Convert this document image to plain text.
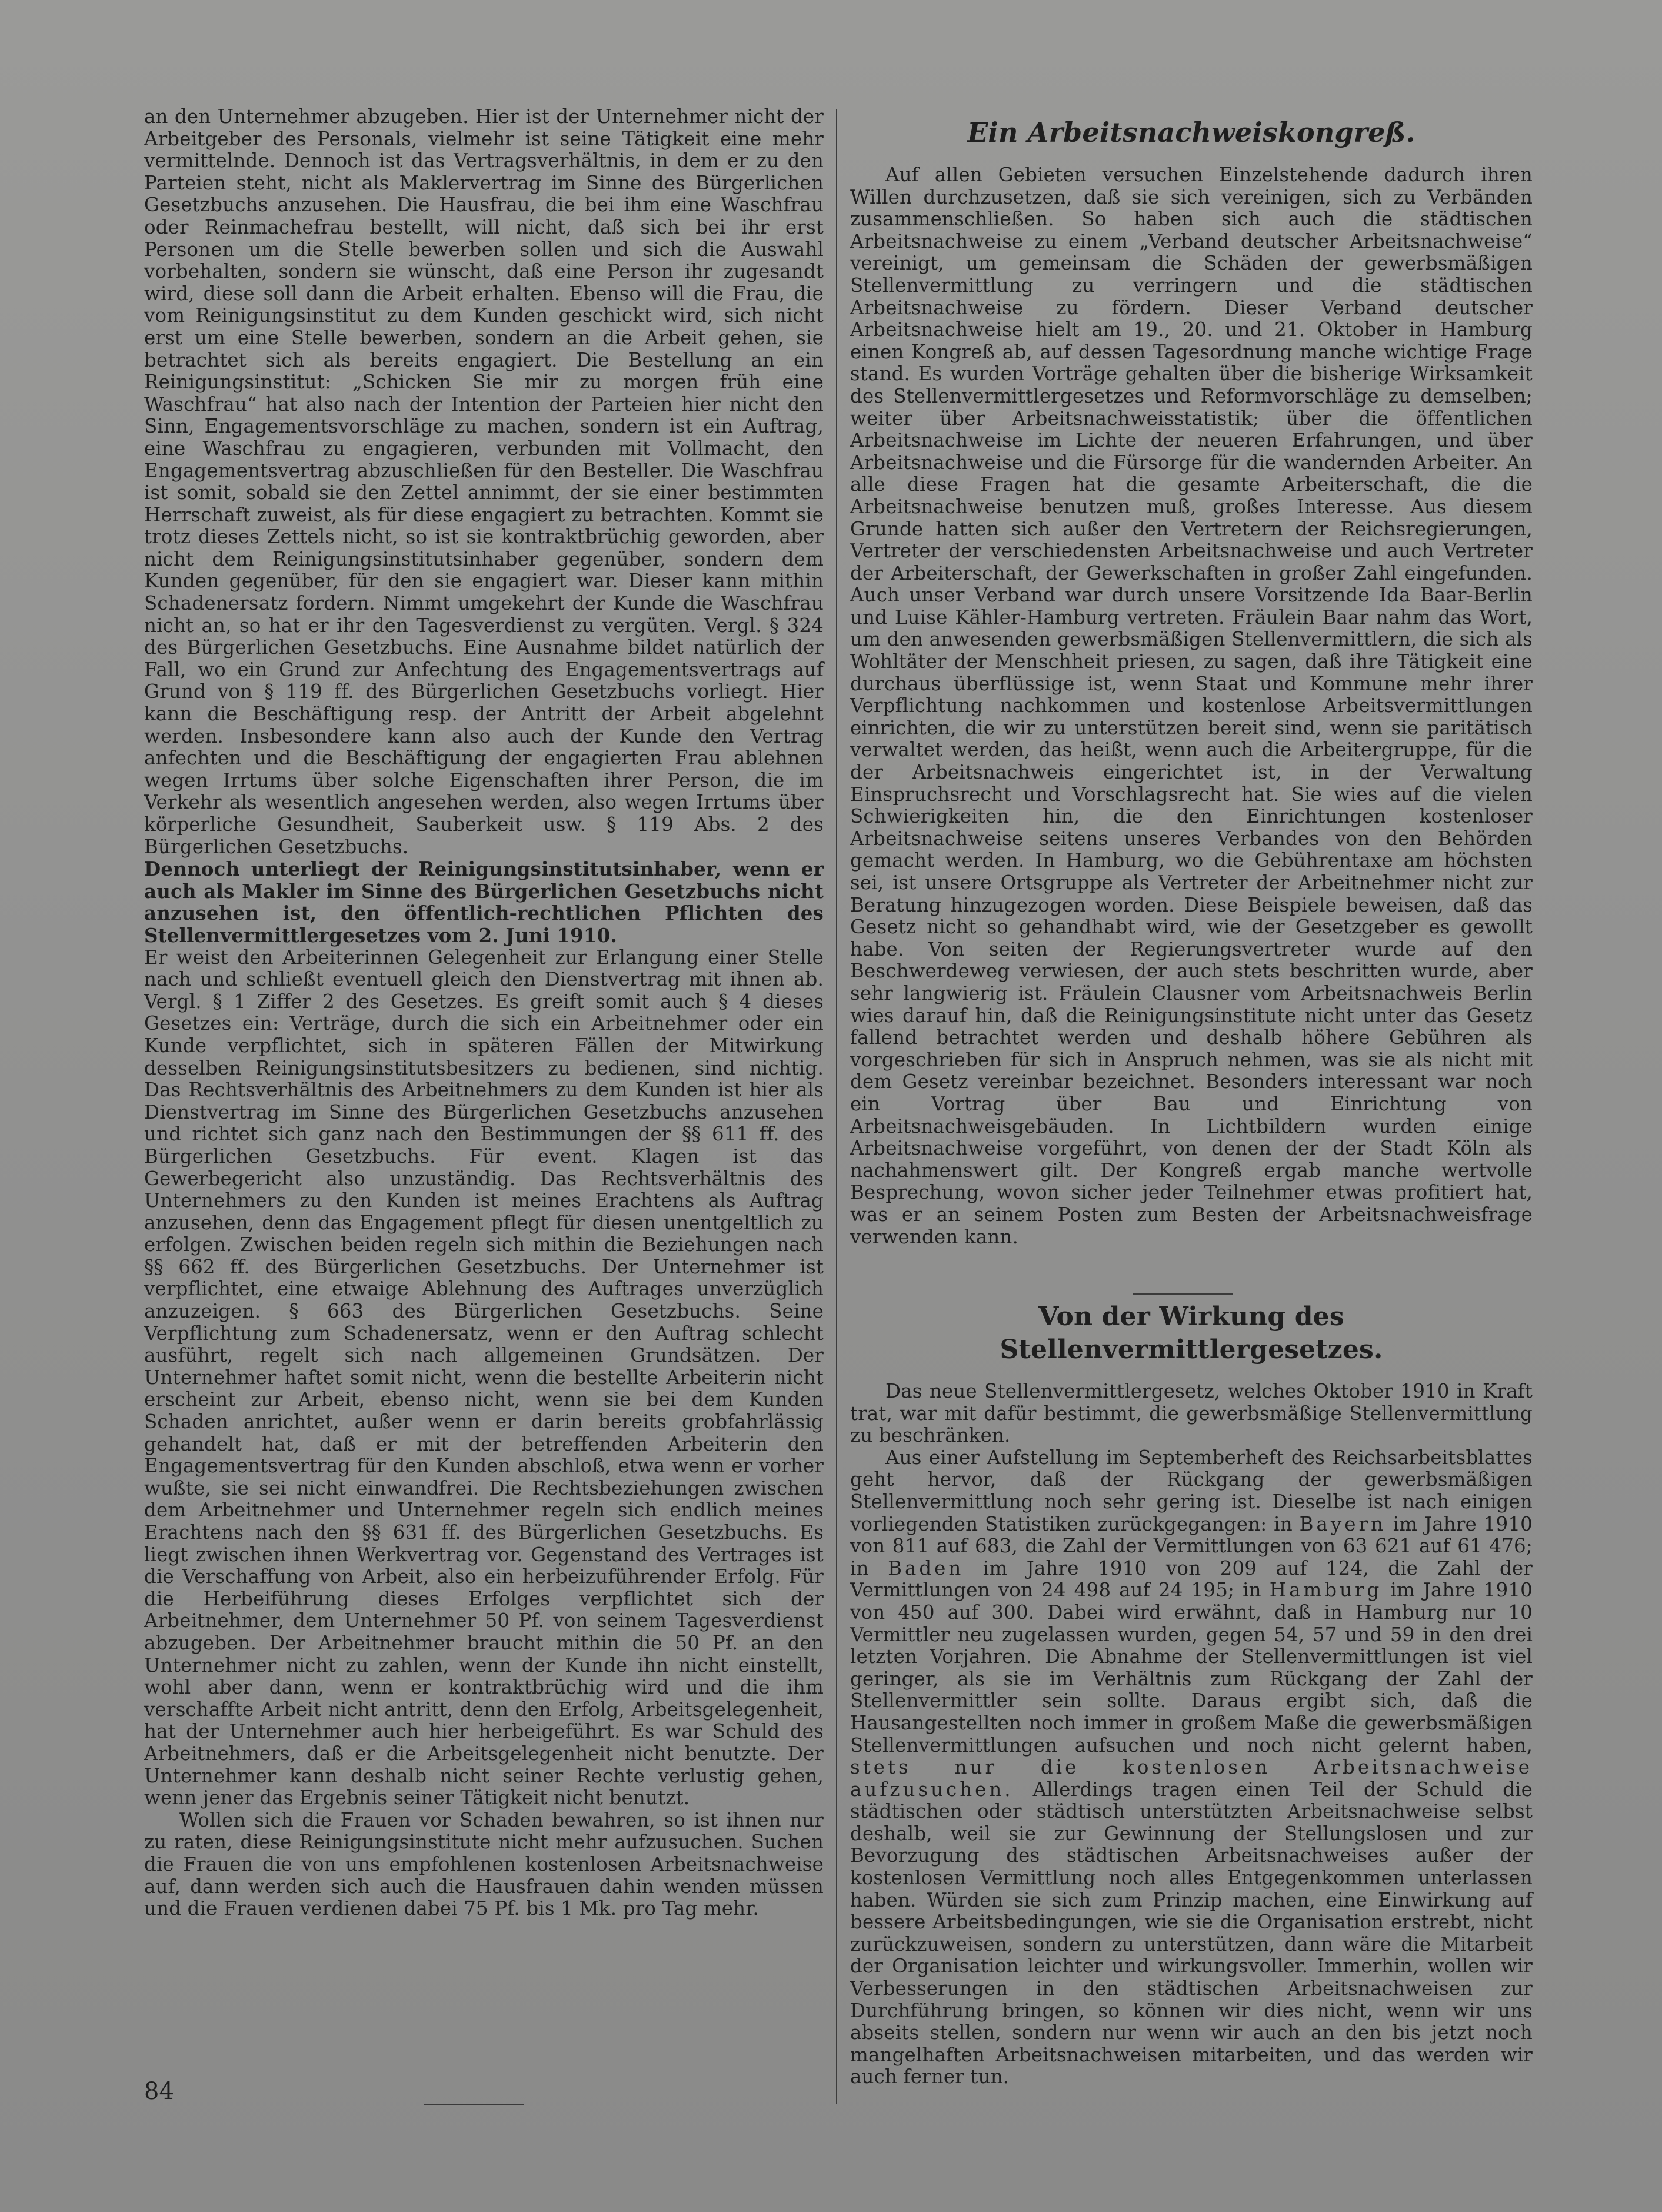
an den Unternehmer abzugeben. Hier ist der Unternehmer nicht der Arbeitgeber des Personals, vielmehr ist seine Tätigkeit eine mehr vermittelnde. Dennoch ist das Vertragsverhältnis, in dem er zu den Parteien steht, nicht als Maklervertrag im Sinne des Bürgerlichen Gesetzbuchs anzusehen. Die Hausfrau, die bei ihm eine Waschfrau oder Reinmachefrau bestellt, will nicht, daß sich bei ihr erst Personen um die Stelle bewerben sollen und sich die Auswahl vorbehalten, sondern sie wünscht, daß eine Person ihr zugesandt wird, diese soll dann die Arbeit erhalten. Ebenso will die Frau, die vom Reinigungsinstitut zu dem Kunden geschickt wird, sich nicht erst um eine Stelle bewerben, sondern an die Arbeit gehen, sie betrachtet sich als bereits engagiert. Die Bestellung an ein Reinigungsinstitut: „Schicken Sie mir zu morgen früh eine Waschfrau“ hat also nach der Intention der Parteien hier nicht den Sinn, Engagementsvorschläge zu machen, sondern ist ein Auftrag, eine Waschfrau zu engagieren, verbunden mit Vollmacht, den Engagementsvertrag abzuschließen für den Besteller. Die Waschfrau ist somit, sobald sie den Zettel annimmt, der sie einer bestimmten Herrschaft zuweist, als für diese engagiert zu betrachten. Kommt sie trotz dieses Zettels nicht, so ist sie kontraktbrüchig geworden, aber nicht dem Reinigungsinstitutsinhaber gegenüber, sondern dem Kunden gegenüber, für den sie engagiert war. Dieser kann mithin Schadenersatz fordern. Nimmt umgekehrt der Kunde die Waschfrau nicht an, so hat er ihr den Tagesverdienst zu vergüten. Vergl. § 324 des Bürgerlichen Gesetzbuchs. Eine Ausnahme bildet natürlich der Fall, wo ein Grund zur Anfechtung des Engagementsvertrags auf Grund von § 119 ff. des Bürgerlichen Gesetzbuchs vorliegt. Hier kann die Beschäftigung resp. der Antritt der Arbeit abgelehnt werden. Insbesondere kann also auch der Kunde den Vertrag anfechten und die Beschäftigung der engagierten Frau ablehnen wegen Irrtums über solche Eigenschaften ihrer Person, die im Verkehr als wesentlich angesehen werden, also wegen Irrtums über körperliche Gesundheit, Sauberkeit usw. § 119 Abs. 2 des Bürgerlichen Gesetzbuchs.

Dennoch unterliegt der Reinigungsinstitutsinhaber, wenn er auch als Makler im Sinne des Bürgerlichen Gesetzbuchs nicht anzusehen ist, den öffentlich-rechtlichen Pflichten des Stellenvermittlergesetzes vom 2. Juni 1910.

Er weist den Arbeiterinnen Gelegenheit zur Erlangung einer Stelle nach und schließt eventuell gleich den Dienstvertrag mit ihnen ab. Vergl. § 1 Ziffer 2 des Gesetzes. Es greift somit auch § 4 dieses Gesetzes ein: Verträge, durch die sich ein Arbeitnehmer oder ein Kunde verpflichtet, sich in späteren Fällen der Mitwirkung desselben Reinigungsinstitutsbesitzers zu bedienen, sind nichtig. Das Rechtsverhältnis des Arbeitnehmers zu dem Kunden ist hier als Dienstvertrag im Sinne des Bürgerlichen Gesetzbuchs anzusehen und richtet sich ganz nach den Bestimmungen der §§ 611 ff. des Bürgerlichen Gesetzbuchs. Für event. Klagen ist das Gewerbegericht also unzuständig. Das Rechtsverhältnis des Unternehmers zu den Kunden ist meines Erachtens als Auftrag anzusehen, denn das Engagement pflegt für diesen unentgeltlich zu erfolgen. Zwischen beiden regeln sich mithin die Beziehungen nach §§ 662 ff. des Bürgerlichen Gesetzbuchs. Der Unternehmer ist verpflichtet, eine etwaige Ablehnung des Auftrages unverzüglich anzuzeigen. § 663 des Bürgerlichen Gesetzbuchs. Seine Verpflichtung zum Schadenersatz, wenn er den Auftrag schlecht ausführt, regelt sich nach allgemeinen Grundsätzen. Der Unternehmer haftet somit nicht, wenn die bestellte Arbeiterin nicht erscheint zur Arbeit, ebenso nicht, wenn sie bei dem Kunden Schaden anrichtet, außer wenn er darin bereits grobfahrlässig gehandelt hat, daß er mit der betreffenden Arbeiterin den Engagementsvertrag für den Kunden abschloß, etwa wenn er vorher wußte, sie sei nicht einwandfrei. Die Rechtsbeziehungen zwischen dem Arbeitnehmer und Unternehmer regeln sich endlich meines Erachtens nach den §§ 631 ff. des Bürgerlichen Gesetzbuchs. Es liegt zwischen ihnen Werkvertrag vor. Gegenstand des Vertrages ist die Verschaffung von Arbeit, also ein herbeizuführender Erfolg. Für die Herbeiführung dieses Erfolges verpflichtet sich der Arbeitnehmer, dem Unternehmer 50 Pf. von seinem Tagesverdienst abzugeben. Der Arbeitnehmer braucht mithin die 50 Pf. an den Unternehmer nicht zu zahlen, wenn der Kunde ihn nicht einstellt, wohl aber dann, wenn er kontraktbrüchig wird und die ihm verschaffte Arbeit nicht antritt, denn den Erfolg, Arbeitsgelegenheit, hat der Unternehmer auch hier herbeigeführt. Es war Schuld des Arbeitnehmers, daß er die Arbeitsgelegenheit nicht benutzte. Der Unternehmer kann deshalb nicht seiner Rechte verlustig gehen, wenn jener das Ergebnis seiner Tätigkeit nicht benutzt.

Wollen sich die Frauen vor Schaden bewahren, so ist ihnen nur zu raten, diese Reinigungsinstitute nicht mehr aufzusuchen. Suchen die Frauen die von uns empfohlenen kostenlosen Arbeitsnachweise auf, dann werden sich auch die Hausfrauen dahin wenden müssen und die Frauen verdienen dabei 75 Pf. bis 1 Mk. pro Tag mehr.

Ein Arbeitsnachweiskongreß.

Auf allen Gebieten versuchen Einzelstehende dadurch ihren Willen durchzusetzen, daß sie sich vereinigen, sich zu Verbänden zusammenschließen. So haben sich auch die städtischen Arbeitsnachweise zu einem „Verband deutscher Arbeitsnachweise“ vereinigt, um gemeinsam die Schäden der gewerbsmäßigen Stellenvermittlung zu verringern und die städtischen Arbeitsnachweise zu fördern. Dieser Verband deutscher Arbeitsnachweise hielt am 19., 20. und 21. Oktober in Hamburg einen Kongreß ab, auf dessen Tagesordnung manche wichtige Frage stand. Es wurden Vorträge gehalten über die bisherige Wirksamkeit des Stellenvermittlergesetzes und Reformvorschläge zu demselben; weiter über Arbeitsnachweisstatistik; über die öffentlichen Arbeitsnachweise im Lichte der neueren Erfahrungen, und über Arbeitsnachweise und die Fürsorge für die wandernden Arbeiter. An alle diese Fragen hat die gesamte Arbeiterschaft, die die Arbeitsnachweise benutzen muß, großes Interesse. Aus diesem Grunde hatten sich außer den Vertretern der Reichsregierungen, Vertreter der verschiedensten Arbeitsnachweise und auch Vertreter der Arbeiterschaft, der Gewerkschaften in großer Zahl eingefunden. Auch unser Verband war durch unsere Vorsitzende Ida Baar-Berlin und Luise Kähler-Hamburg vertreten. Fräulein Baar nahm das Wort, um den anwesenden gewerbsmäßigen Stellenvermittlern, die sich als Wohltäter der Menschheit priesen, zu sagen, daß ihre Tätigkeit eine durchaus überflüssige ist, wenn Staat und Kommune mehr ihrer Verpflichtung nachkommen und kostenlose Arbeitsvermittlungen einrichten, die wir zu unterstützen bereit sind, wenn sie paritätisch verwaltet werden, das heißt, wenn auch die Arbeitergruppe, für die der Arbeitsnachweis eingerichtet ist, in der Verwaltung Einspruchsrecht und Vorschlagsrecht hat. Sie wies auf die vielen Schwierigkeiten hin, die den Einrichtungen kostenloser Arbeitsnachweise seitens unseres Verbandes von den Behörden gemacht werden. In Hamburg, wo die Gebührentaxe am höchsten sei, ist unsere Ortsgruppe als Vertreter der Arbeitnehmer nicht zur Beratung hinzugezogen worden. Diese Beispiele beweisen, daß das Gesetz nicht so gehandhabt wird, wie der Gesetzgeber es gewollt habe. Von seiten der Regierungsvertreter wurde auf den Beschwerdeweg verwiesen, der auch stets beschritten wurde, aber sehr langwierig ist. Fräulein Clausner vom Arbeitsnachweis Berlin wies darauf hin, daß die Reinigungsinstitute nicht unter das Gesetz fallend betrachtet werden und deshalb höhere Gebühren als vorgeschrieben für sich in Anspruch nehmen, was sie als nicht mit dem Gesetz vereinbar bezeichnet. Besonders interessant war noch ein Vortrag über Bau und Einrichtung von Arbeitsnachweisgebäuden. In Lichtbildern wurden einige Arbeitsnachweise vorgeführt, von denen der der Stadt Köln als nachahmenswert gilt. Der Kongreß ergab manche wertvolle Besprechung, wovon sicher jeder Teilnehmer etwas profitiert hat, was er an seinem Posten zum Besten der Arbeitsnachweisfrage verwenden kann.

Von der Wirkung des Stellenvermittlergesetzes.

Das neue Stellenvermittlergesetz, welches Oktober 1910 in Kraft trat, war mit dafür bestimmt, die gewerbsmäßige Stellenvermittlung zu beschränken.

Aus einer Aufstellung im Septemberheft des Reichsarbeitsblattes geht hervor, daß der Rückgang der gewerbsmäßigen Stellenvermittlung noch sehr gering ist. Dieselbe ist nach einigen vorliegenden Statistiken zurückgegangen: in Bayern im Jahre 1910 von 811 auf 683, die Zahl der Vermittlungen von 63 621 auf 61 476; in Baden im Jahre 1910 von 209 auf 124, die Zahl der Vermittlungen von 24 498 auf 24 195; in Hamburg im Jahre 1910 von 450 auf 300. Dabei wird erwähnt, daß in Hamburg nur 10 Vermittler neu zugelassen wurden, gegen 54, 57 und 59 in den drei letzten Vorjahren. Die Abnahme der Stellenvermittlungen ist viel geringer, als sie im Verhältnis zum Rückgang der Zahl der Stellenvermittler sein sollte. Daraus ergibt sich, daß die Hausangestellten noch immer in großem Maße die gewerbsmäßigen Stellenvermittlungen aufsuchen und noch nicht gelernt haben, stets nur die kostenlosen Arbeitsnachweise aufzusuchen. Allerdings tragen einen Teil der Schuld die städtischen oder städtisch unterstützten Arbeitsnachweise selbst deshalb, weil sie zur Gewinnung der Stellungslosen und zur Bevorzugung des städtischen Arbeitsnachweises außer der kostenlosen Vermittlung noch alles Entgegenkommen unterlassen haben. Würden sie sich zum Prinzip machen, eine Einwirkung auf bessere Arbeitsbedingungen, wie sie die Organisation erstrebt, nicht zurückzuweisen, sondern zu unterstützen, dann wäre die Mitarbeit der Organisation leichter und wirkungsvoller. Immerhin, wollen wir Verbesserungen in den städtischen Arbeitsnachweisen zur Durchführung bringen, so können wir dies nicht, wenn wir uns abseits stellen, sondern nur wenn wir auch an den bis jetzt noch mangelhaften Arbeitsnachweisen mitarbeiten, und das werden wir auch ferner tun.

84
